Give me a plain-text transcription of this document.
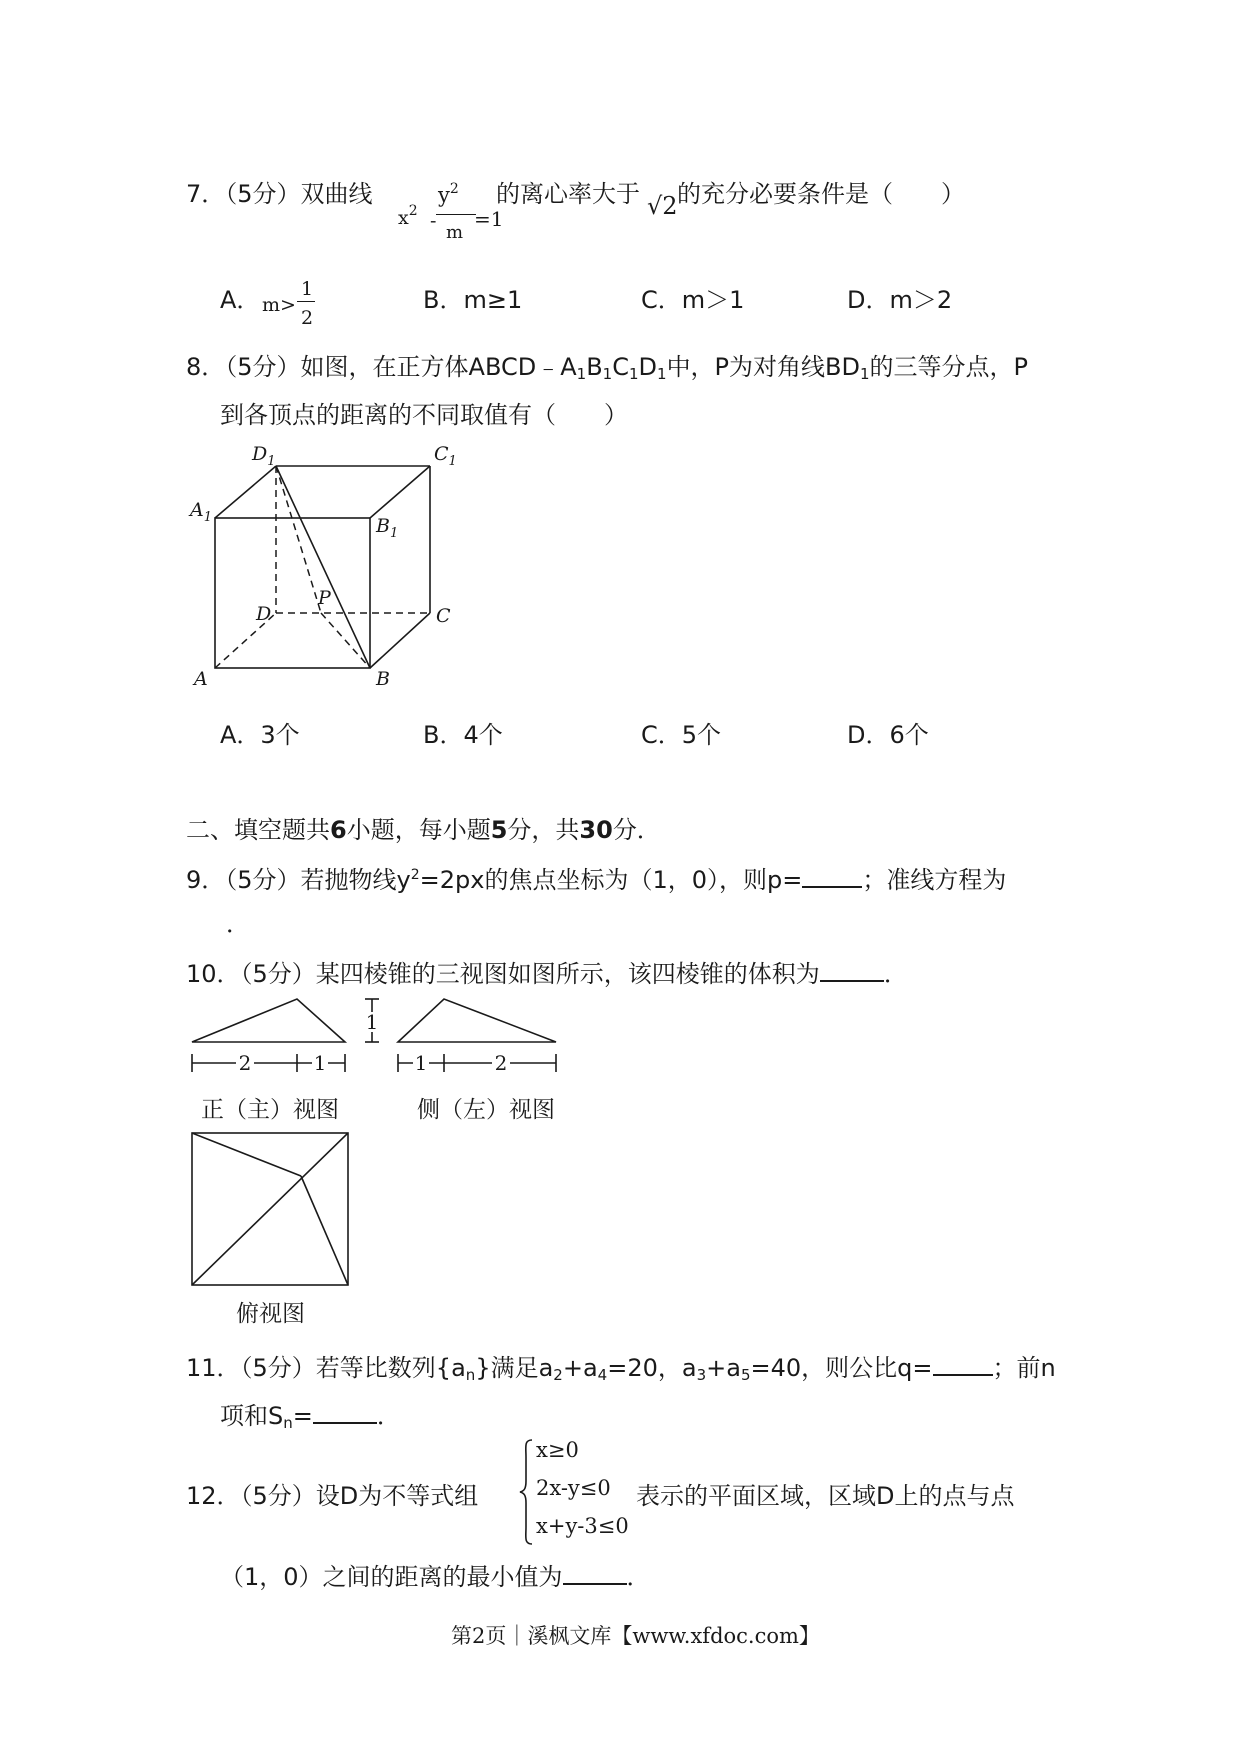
7．（5分）双曲线
$x^2$
$y^2$
-
m
=1
的离心率大于 √2 的充分必要条件是（　　）
A． m>
1
2
B．m≥1	C．m＞1	D．m＞2
8．（5分）如图，在正方体$ABCD﹣A_1B_1C_1D_1$中，P为对角线$BD_1$的三等分点，P
到各顶点的距离的不同取值有（　　）
$D_1$	$C_1$
$A_1$	$B_1$
D
P
C
A	B
A．3个	B．4个	C．5个	D．6个
二、填空题共6小题，每小题5分，共30分．
9．（5分）若抛物线$y^2=2px$的焦点坐标为（1，0），则p=	；准线方程为
．
10．（5分）某四棱锥的三视图如图所示，该四棱锥的体积为	．
2	1
1
1	2
正（主）视图	侧（左）视图
俯视图
11．（5分）若等比数列$\{a_n\}$满足$a_2+a_4=20$，$a_3+a_5=40$，则公比q=	；前n
项和$S_n=$	．
12．（5分）设D为不等式组
x≥0
2x-y≤0
x+y-3≤0
表示的平面区域，区域D上的点与点
（1，0）之间的距离的最小值为	．
第2页｜溪枫文库【www.xfdoc.com】
